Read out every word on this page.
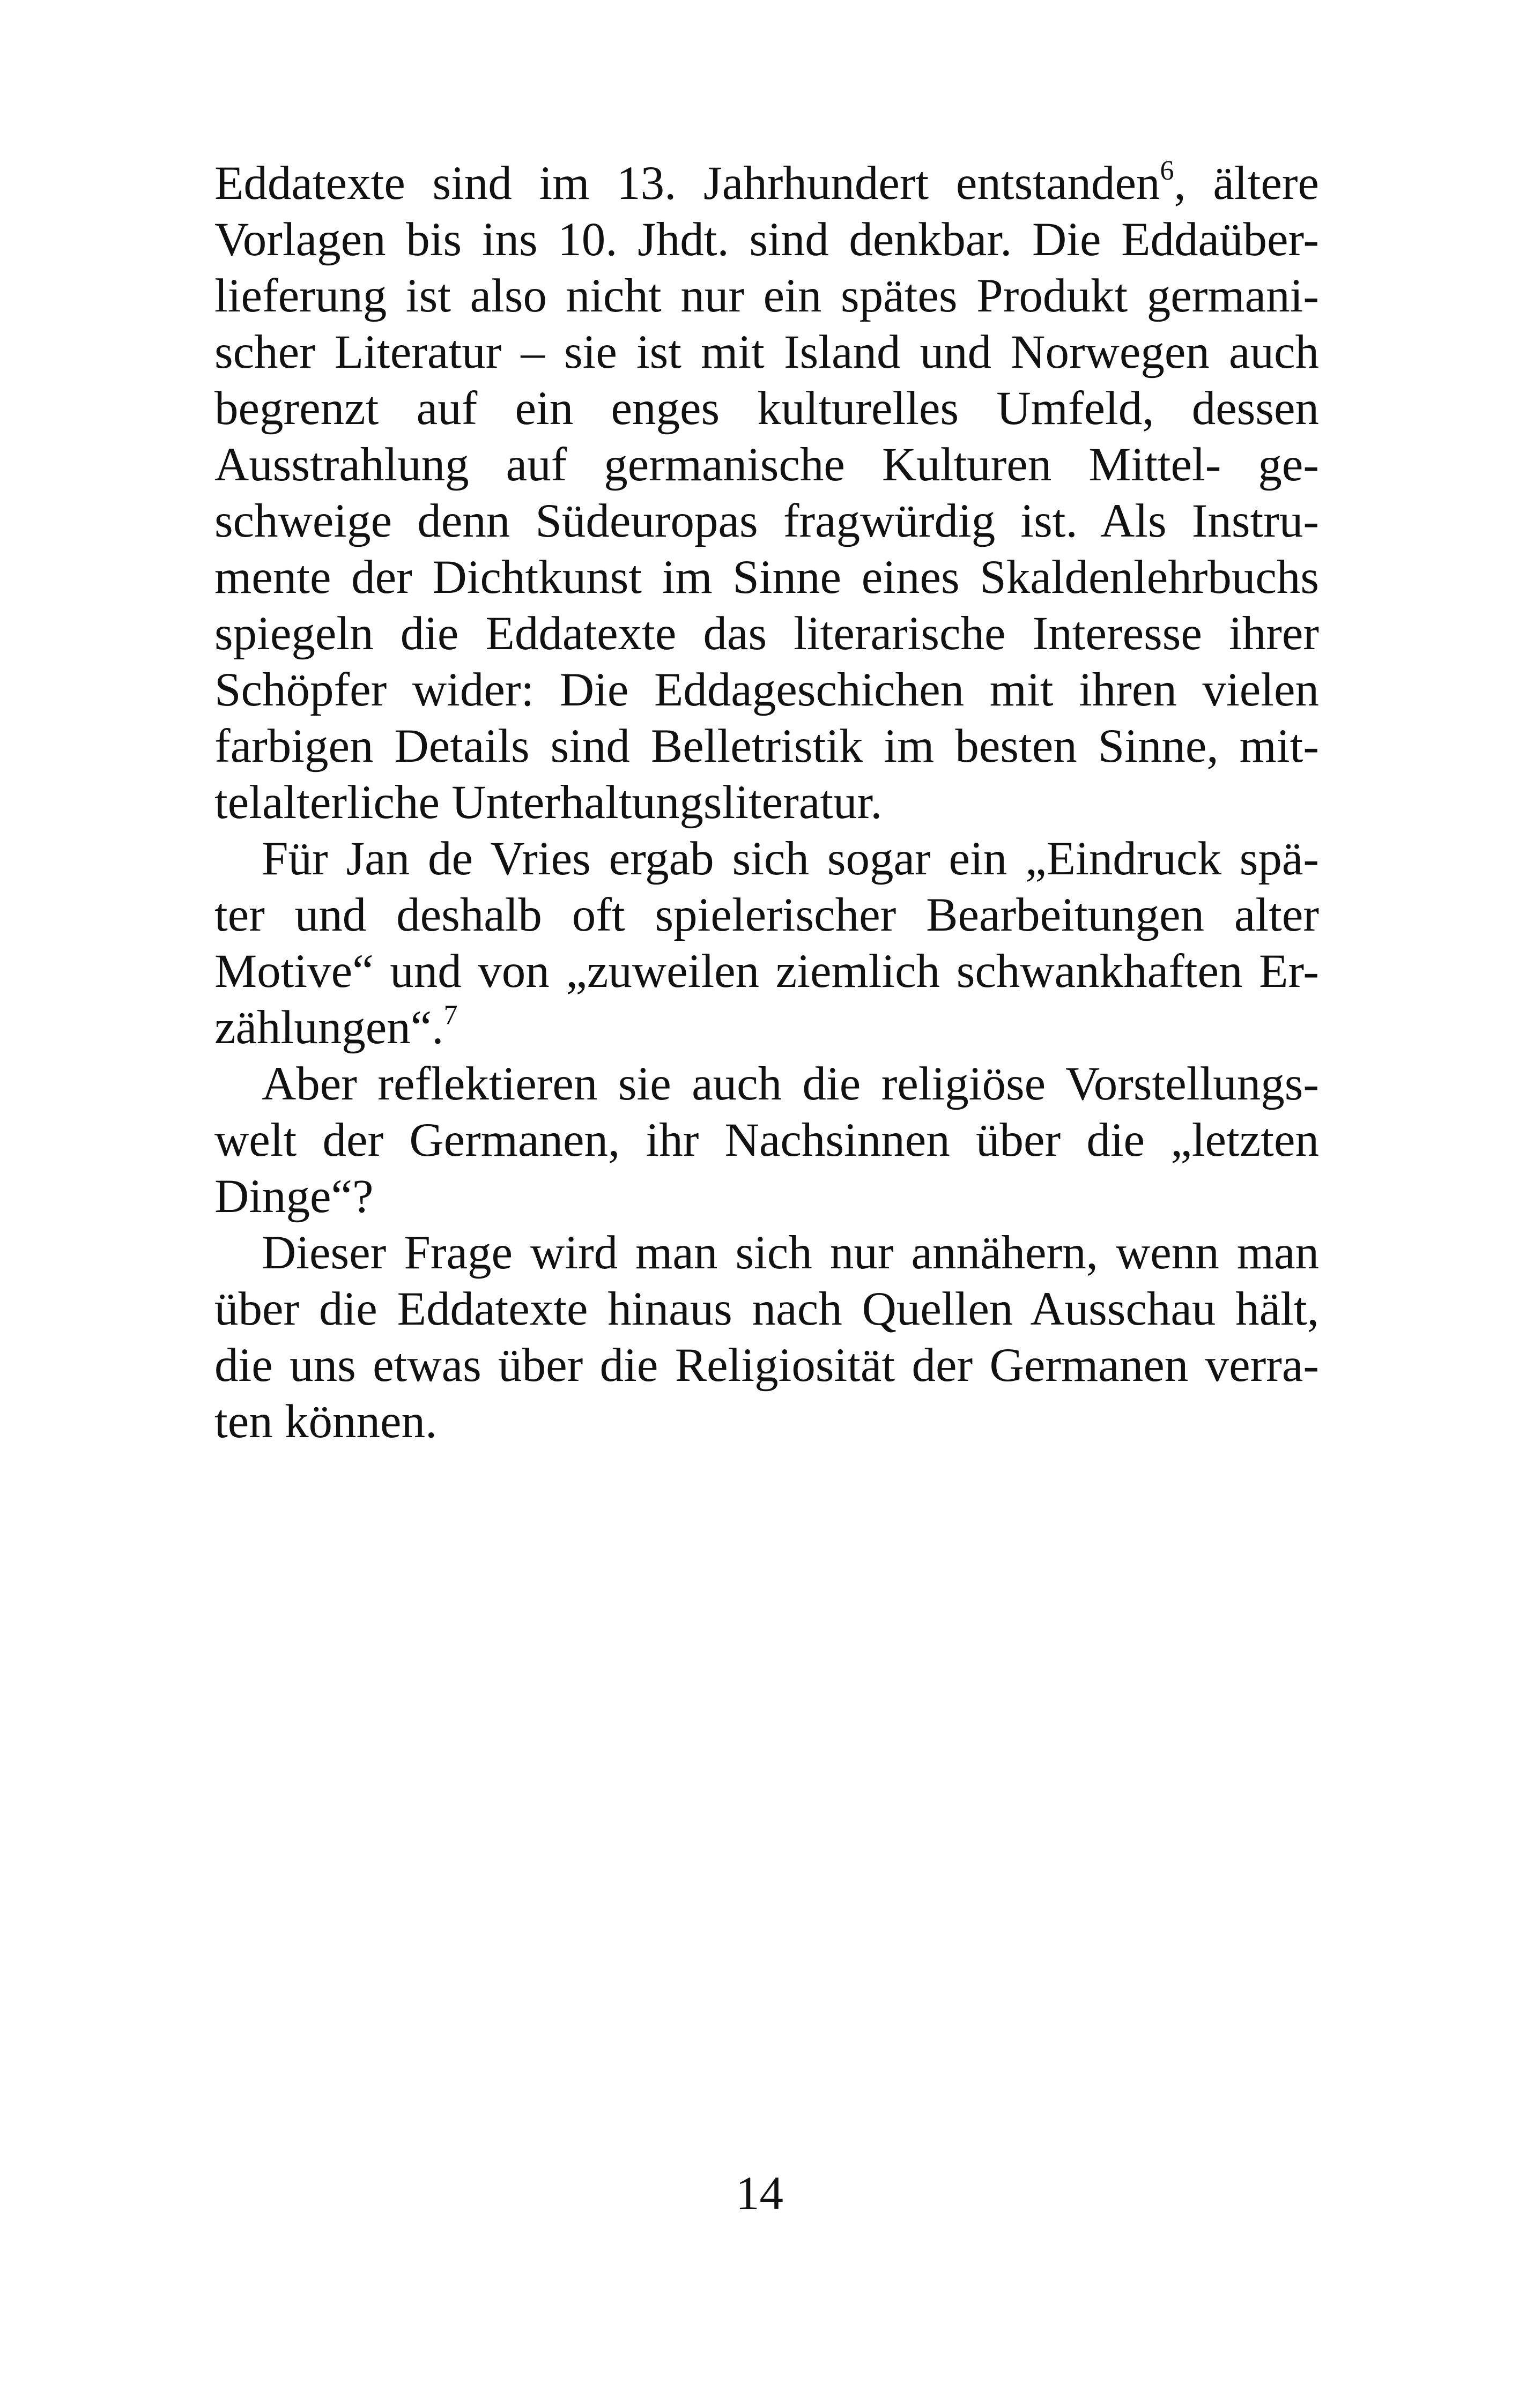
Eddatexte sind im 13. Jahrhundert entstanden$^6$, ältere
Vorlagen bis ins 10. Jhdt. sind denkbar. Die Eddaüber-
lieferung ist also nicht nur ein spätes Produkt germani-
scher Literatur – sie ist mit Island und Norwegen auch
begrenzt auf ein enges kulturelles Umfeld, dessen
Ausstrahlung auf germanische Kulturen Mittel- ge-
schweige denn Südeuropas fragwürdig ist. Als Instru-
mente der Dichtkunst im Sinne eines Skaldenlehrbuchs
spiegeln die Eddatexte das literarische Interesse ihrer
Schöpfer wider: Die Eddageschichen mit ihren vielen
farbigen Details sind Belletristik im besten Sinne, mit-
telalterliche Unterhaltungsliteratur.
Für Jan de Vries ergab sich sogar ein „Eindruck spä-
ter und deshalb oft spielerischer Bearbeitungen alter
Motive“ und von „zuweilen ziemlich schwankhaften Er-
zählungen“.$^7$
Aber reflektieren sie auch die religiöse Vorstellungs-
welt der Germanen, ihr Nachsinnen über die „letzten
Dinge“?
Dieser Frage wird man sich nur annähern, wenn man
über die Eddatexte hinaus nach Quellen Ausschau hält,
die uns etwas über die Religiosität der Germanen verra-
ten können.
14
